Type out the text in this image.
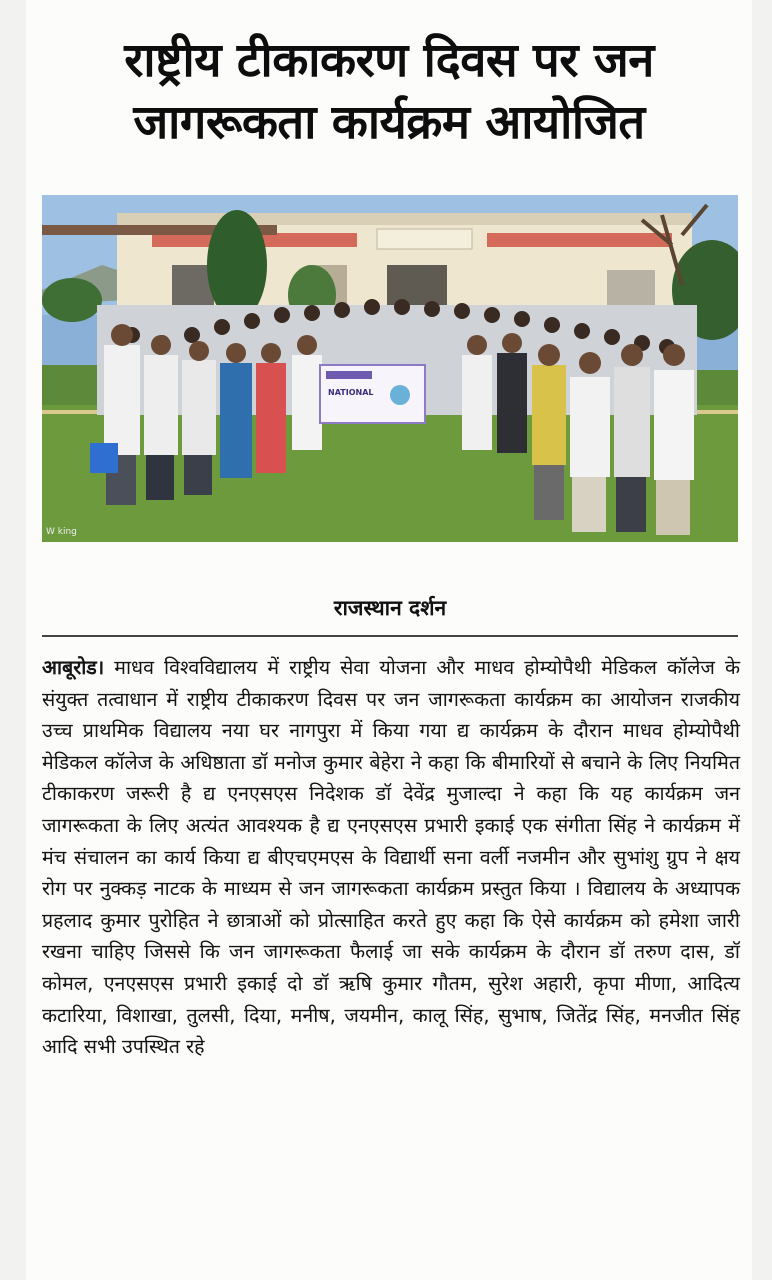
राष्ट्रीय टीकाकरण दिवस पर जन
जागरूकता कार्यक्रम आयोजित
NATIONAL
W king
राजस्थान दर्शन

आबूरोड। माधव विश्वविद्यालय में राष्ट्रीय सेवा योजना और माधव होम्योपैथी मेडिकल कॉलेज के संयुक्त तत्वाधान में राष्ट्रीय टीकाकरण दिवस पर जन जागरूकता कार्यक्रम का आयोजन राजकीय उच्च प्राथमिक विद्यालय नया घर नागपुरा में किया गया द्य कार्यक्रम के दौरान माधव होम्योपैथी मेडिकल कॉलेज के अधिष्ठाता डॉ मनोज कुमार बेहेरा ने कहा कि बीमारियों से बचाने के लिए नियमित टीकाकरण जरूरी है द्य एनएसएस निदेशक डॉ देवेंद्र मुजाल्दा ने कहा कि यह कार्यक्रम जन जागरूकता के लिए अत्यंत आवश्यक है द्य एनएसएस प्रभारी इकाई एक संगीता सिंह ने कार्यक्रम में मंच संचालन का कार्य किया द्य बीएचएमएस के विद्यार्थी सना वर्ली नजमीन और सुभांशु ग्रुप ने क्षय रोग पर नुक्कड़ नाटक के माध्यम से जन जागरूकता कार्यक्रम प्रस्तुत किया । विद्यालय के अध्यापक प्रहलाद कुमार पुरोहित ने छात्राओं को प्रोत्साहित करते हुए कहा कि ऐसे कार्यक्रम को हमेशा जारी रखना चाहिए जिससे कि जन जागरूकता फैलाई जा सके कार्यक्रम के दौरान डॉ तरुण दास, डॉ कोमल, एनएसएस प्रभारी इकाई दो डॉ ऋषि कुमार गौतम, सुरेश अहारी, कृपा मीणा, आदित्य कटारिया, विशाखा, तुलसी, दिया, मनीष, जयमीन, कालू सिंह, सुभाष, जितेंद्र सिंह, मनजीत सिंह आदि सभी उपस्थित रहे
